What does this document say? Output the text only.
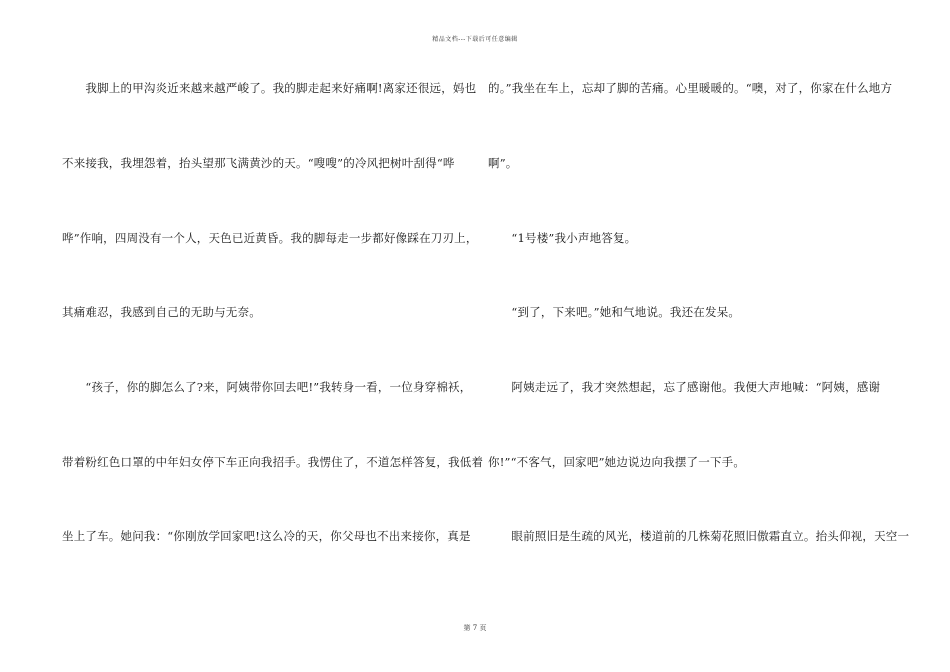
精品文档---下载后可任意编辑
　　我脚上的甲沟炎近来越来越严峻了。我的脚走起来好痛啊!离家还很远，妈也
不来接我，我埋怨着，抬头望那飞满黄沙的天。“嗖嗖”的冷风把树叶刮得“哗
哗”作响，四周没有一个人，天色已近黄昏。我的脚每走一步都好像踩在刀刃上，
其痛难忍，我感到自己的无助与无奈。
　　“孩子，你的脚怎么了?来，阿姨带你回去吧!”我转身一看，一位身穿棉袄，
带着粉红色口罩的中年妇女停下车正向我招手。我愣住了，不道怎样答复，我低着
坐上了车。她问我：“你刚放学回家吧!这么冷的天，你父母也不出来接你，真是
的。”我坐在车上，忘却了脚的苦痛。心里暖暖的。“噢，对了，你家在什么地方
啊”。
　　“1号楼”我小声地答复。
　　“到了，下来吧。”她和气地说。我还在发呆。
　　阿姨走远了，我才突然想起，忘了感谢他。我便大声地喊：“阿姨，感谢
你!”“不客气，回家吧”她边说边向我摆了一下手。
　　眼前照旧是生疏的风光，楼道前的几株菊花照旧傲霜直立。抬头仰视，天空一
第 7 页
